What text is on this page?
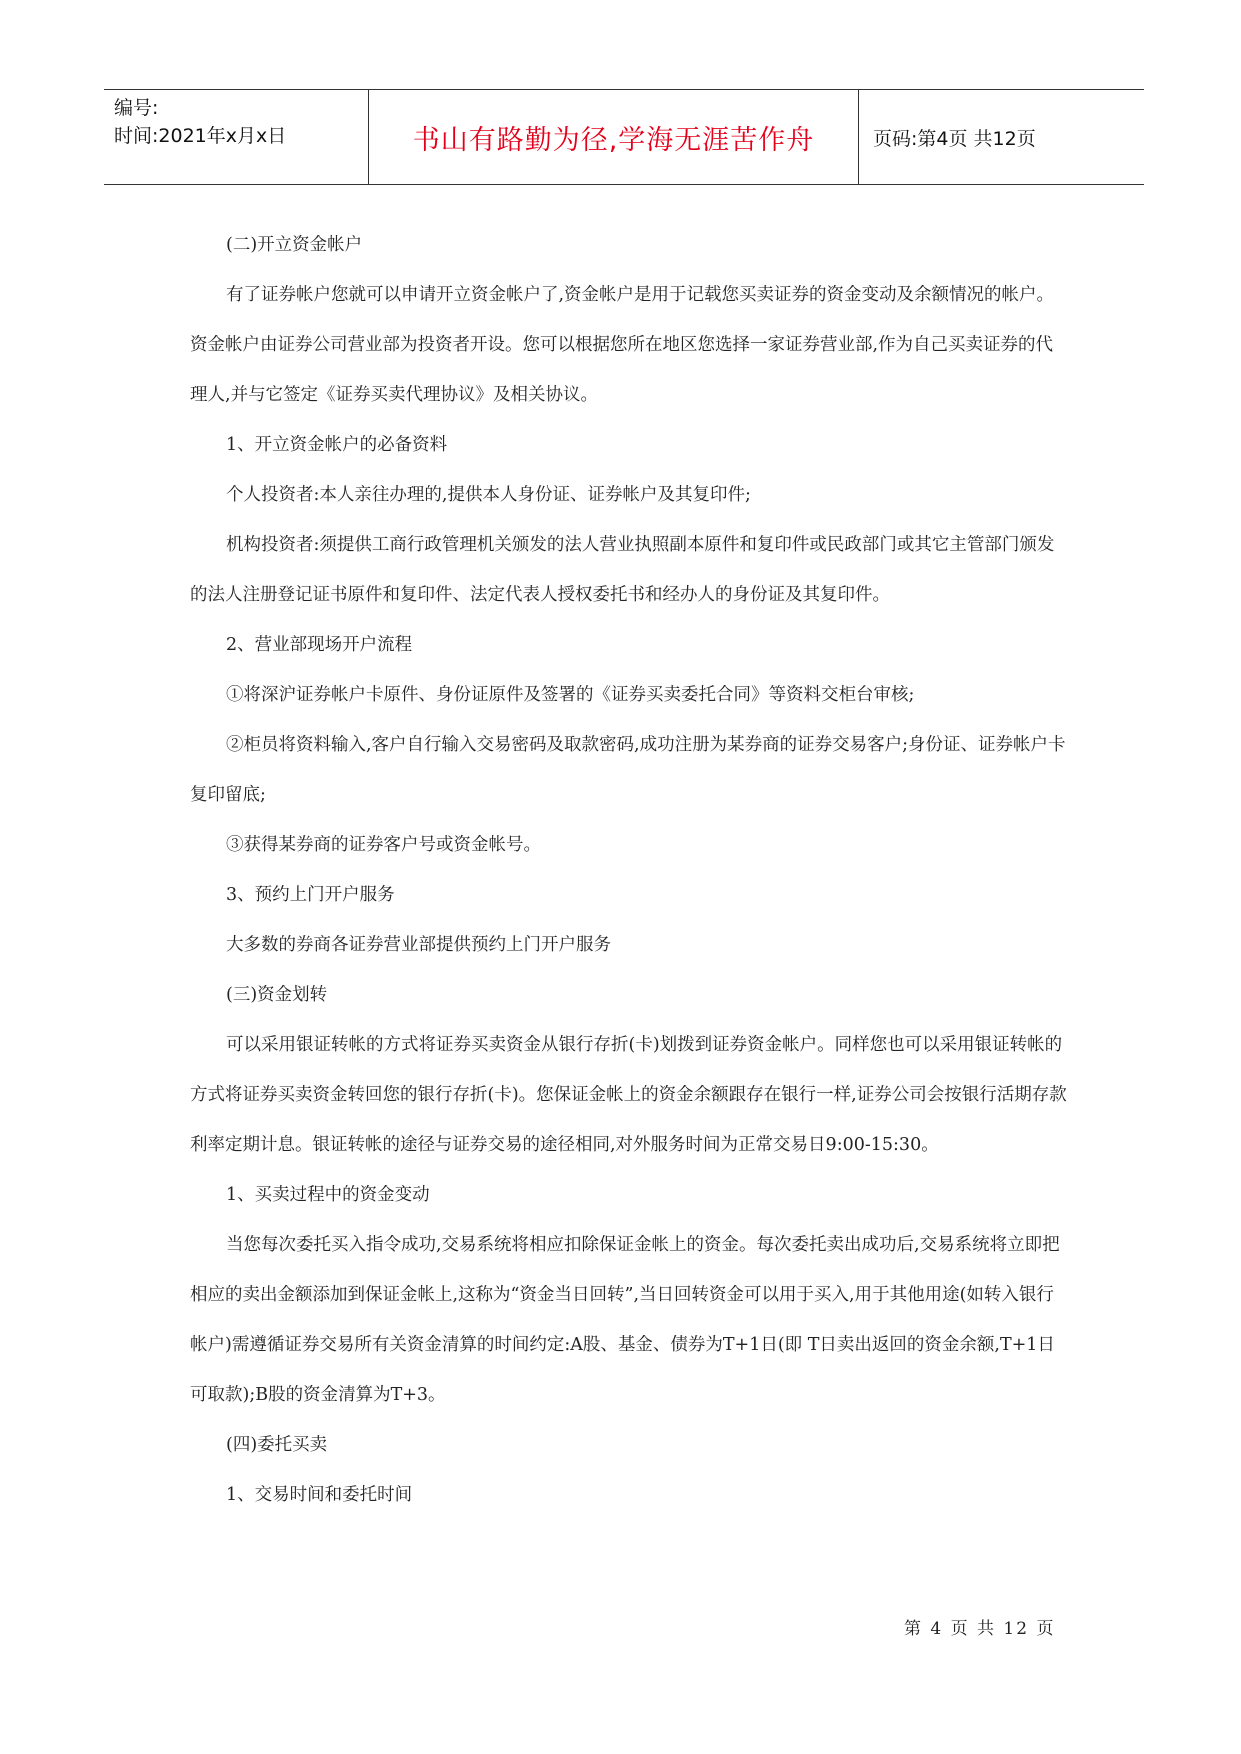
编号:
时间:2021年x月x日	书山有路勤为径,学海无涯苦作舟	页码:第4页 共12页

(二)开立资金帐户

有了证券帐户您就可以申请开立资金帐户了,资金帐户是用于记载您买卖证券的资金变动及余额情况的帐户。资金帐户由证券公司营业部为投资者开设。您可以根据您所在地区您选择一家证券营业部,作为自己买卖证券的代理人,并与它签定《证券买卖代理协议》及相关协议。

1、开立资金帐户的必备资料

个人投资者:本人亲往办理的,提供本人身份证、证券帐户及其复印件;

机构投资者:须提供工商行政管理机关颁发的法人营业执照副本原件和复印件或民政部门或其它主管部门颁发的法人注册登记证书原件和复印件、法定代表人授权委托书和经办人的身份证及其复印件。

2、营业部现场开户流程

①将深沪证券帐户卡原件、身份证原件及签署的《证券买卖委托合同》等资料交柜台审核;

②柜员将资料输入,客户自行输入交易密码及取款密码,成功注册为某券商的证券交易客户;身份证、证券帐户卡复印留底;

③获得某券商的证券客户号或资金帐号。

3、预约上门开户服务

大多数的券商各证券营业部提供预约上门开户服务

(三)资金划转

可以采用银证转帐的方式将证券买卖资金从银行存折(卡)划拨到证券资金帐户。同样您也可以采用银证转帐的方式将证券买卖资金转回您的银行存折(卡)。您保证金帐上的资金余额跟存在银行一样,证券公司会按银行活期存款利率定期计息。银证转帐的途径与证券交易的途径相同,对外服务时间为正常交易日9:00-15:30。

1、买卖过程中的资金变动

当您每次委托买入指令成功,交易系统将相应扣除保证金帐上的资金。每次委托卖出成功后,交易系统将立即把相应的卖出金额添加到保证金帐上,这称为“资金当日回转”,当日回转资金可以用于买入,用于其他用途(如转入银行帐户)需遵循证券交易所有关资金清算的时间约定:A股、基金、债券为T+1日(即 T日卖出返回的资金余额,T+1日可取款);B股的资金清算为T+3。

(四)委托买卖

1、交易时间和委托时间

第 4 页 共 12 页
